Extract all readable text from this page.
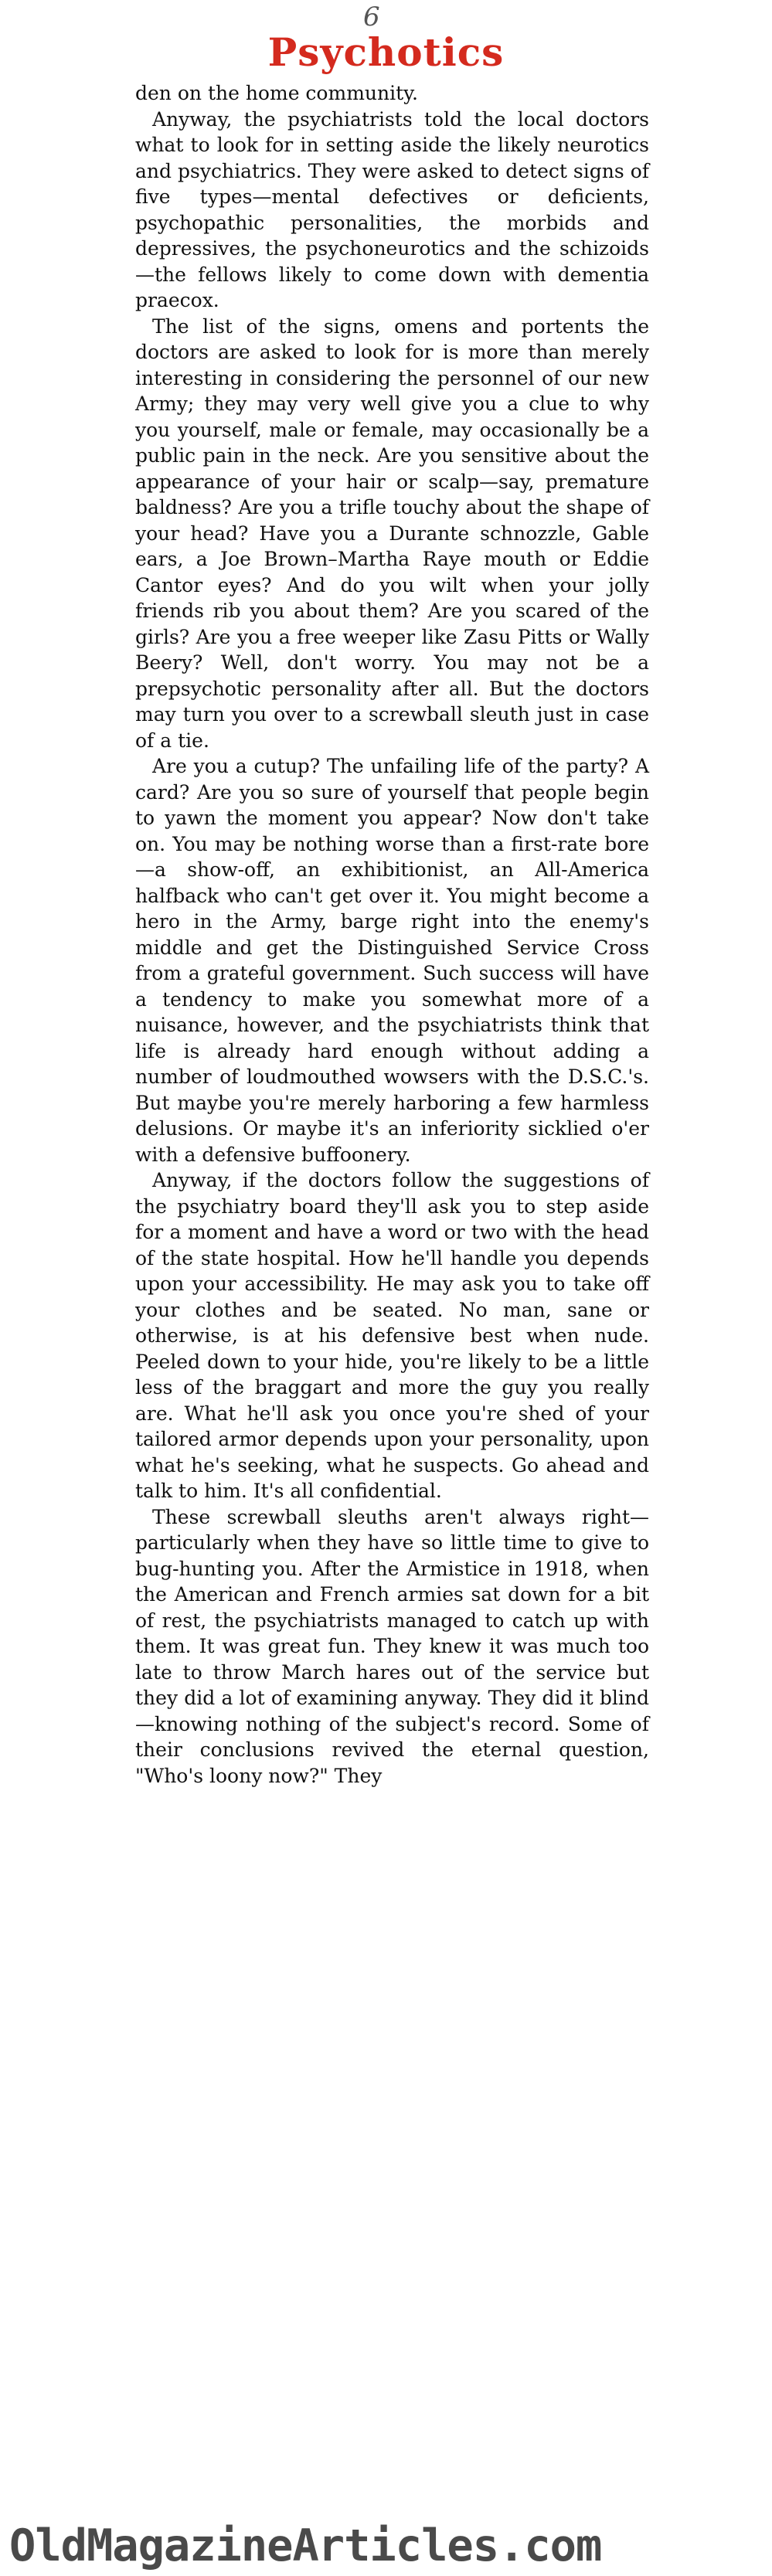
6
Psychotics

den on the home community.

Anyway, the psychiatrists told the local doctors what to look for in setting aside the likely neurotics and psychiatrics. They were asked to detect signs of five types—mental defectives or deficients, psychopathic personalities, the morbids and depressives, the psychoneurotics and the schizoids—the fellows likely to come down with dementia praecox.

The list of the signs, omens and portents the doctors are asked to look for is more than merely interesting in considering the personnel of our new Army; they may very well give you a clue to why you yourself, male or female, may occasionally be a public pain in the neck. Are you sensitive about the appearance of your hair or scalp—say, premature baldness? Are you a trifle touchy about the shape of your head? Have you a Durante schnozzle, Gable ears, a Joe Brown–Martha Raye mouth or Eddie Cantor eyes? And do you wilt when your jolly friends rib you about them? Are you scared of the girls? Are you a free weeper like Zasu Pitts or Wally Beery? Well, don't worry. You may not be a prepsychotic personality after all. But the doctors may turn you over to a screwball sleuth just in case of a tie.

Are you a cutup? The unfailing life of the party? A card? Are you so sure of yourself that people begin to yawn the moment you appear? Now don't take on. You may be nothing worse than a first-rate bore—a show-off, an exhibitionist, an All-America halfback who can't get over it. You might become a hero in the Army, barge right into the enemy's middle and get the Distinguished Service Cross from a grateful government. Such success will have a tendency to make you somewhat more of a nuisance, however, and the psychiatrists think that life is already hard enough without adding a number of loudmouthed wowsers with the D.S.C.'s. But maybe you're merely harboring a few harmless delusions. Or maybe it's an inferiority sicklied o'er with a defensive buffoonery.

Anyway, if the doctors follow the suggestions of the psychiatry board they'll ask you to step aside for a moment and have a word or two with the head of the state hospital. How he'll handle you depends upon your accessibility. He may ask you to take off your clothes and be seated. No man, sane or otherwise, is at his defensive best when nude. Peeled down to your hide, you're likely to be a little less of the braggart and more the guy you really are. What he'll ask you once you're shed of your tailored armor depends upon your personality, upon what he's seeking, what he suspects. Go ahead and talk to him. It's all confidential.

These screwball sleuths aren't always right—particularly when they have so little time to give to bug-hunting you. After the Armistice in 1918, when the American and French armies sat down for a bit of rest, the psychiatrists managed to catch up with them. It was great fun. They knew it was much too late to throw March hares out of the service but they did a lot of examining anyway. They did it blind—knowing nothing of the subject's record. Some of their conclusions revived the eternal question, "Who's loony now?" They

OldMagazineArticles.com
